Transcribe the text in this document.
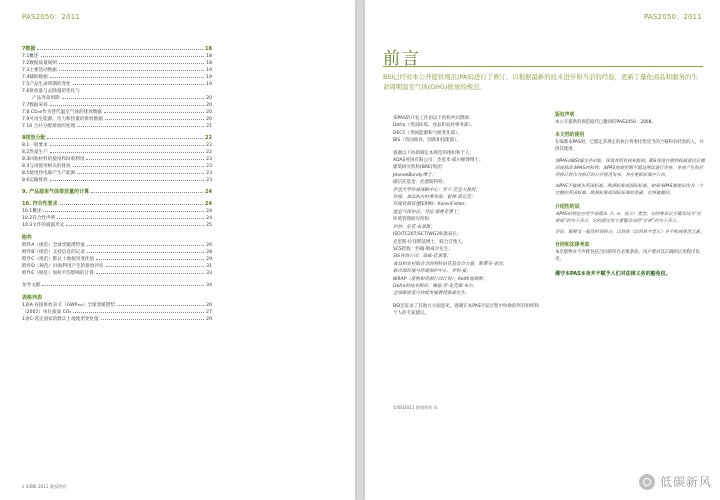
PAS2050：2011
7数据	18
7.1概述	18
7.2数据质量规则	18
7.3主要活动数据	19
7.4辅助数据	19
7.5产品生命周期的变化	19
7.6排放量与去除量的变化与
产品寿命周期	20
7.7数据采样	20
7.8 CO₂e作为替代温室气体的排放数据	20
7.9可再生能源、电力和热量的排放数据	20
7.10 合并分配排放的处理	21
8排放分配	22
8.1一般要求	22
8.2热量生产	22
8.3回收材料的使用和回收利用	23
8.4与再使用相关的排放	23
8.5使用热电联产生产能源	23
8.6运输排放	23
9. 产品温室气体排放量的计算	24
10. 符合性要求	24
10.1概述	24
10.2符合性声明	24
10.3文件的披露形式	25
附件
附件A（规范）全球变暖潜势值	26
附件B（规范）支持信息的记录	28
附件C（规范）默认土地使用变化值	29
附件D（规范）回收利用产生的排放评估	31
附件E（规范）加权平均影响的计算	33
参考文献	34
表格列表
1表A-直接排放表 C（GWP₁₀₀）全球变暖潜势	26
（2007）单位质量 CO₂	27
1表C-选定国家的默认土地使用变化值	29
ii ©BSI 2011 版权所有
PAS2050：2011
前言
BSI已经对本公开提供规范(PAS)进行了修订，以根据最新的技术进步和当前的经验，更新了量化商品和服务的生命周期温室气体(GHG)排放的规范。

该PAS的开发工作由以下机构共同赞助：

Defra（英国环境、食品和农村事务部）、

DECC（英国能源和气候变化部）、

BIS（英国商业、创新和技能部）。

感谢以下协助制定本规范的组织和个人：

ADAS英国有限公司：杰里米·威尔顿博博士；

建筑研究机构(BRE)集团：

JeanneBundy博士；

碳信托基金：托德斯科特；

萨里大学环境战略中心：罗兰·克里夫教授；

环境、食品和农村事务部：霍林·诺瓦克；

环境资源管理(ERM)：KarenFisher；

温室气体协议：劳拉·德鲁克博士；

环境管理研究所和

评估：尼克·布莱斯；

ISO/TC207/SC7/WG2标准局长；

克里斯·拉登斯基博士，联合召集人；

SCS控股：约翰·斯威尔先生；

SIS咨询公司：高峰·克莱蒙；

食品和农村联合会的利特伯克基金会力量，斯蒂芬·奎因；

联合国环境与环境保护中心、罗科·豪；

WRAP（废物和资源行动计划）；Keith詹姆斯；

Defra的技术顾问：琳恩·罗·麦克康·布尔，

全球碳密度可持续发展教授詹森先生。

BSI还征求了其他方方面意见。感谢在本PAS开发过程中协助的所有组织和个人的专家建议。

版权声明

本公开提供的规范取代已撤回的PAS2050：2008。

本文档的使用

在编制本PAS时，已假定其规定的执行将委托给适当的合格和有经验的人，并供其使用。

该PAS由BSI编写并出版，保留其所有权和版权。BSI保留在收到权威建议后撤回或修改本PAS的权利。本PAS的使用期不超过两年进行审查，审查产生的任何修订将作为修订的公开规范发布，并在更新标准中公布。

本PAS不被视为英国标准。欧洲标准或国际标准。如果本PAS被提出作为一个完整的英国标准、欧洲标准或国际标准的基础，它将被撤回。

介绍性的说

本PAS的规定应用字母提出（i、e，直立）类型。它的要求以主键动词为“应该成”的句子表示，它的建议用主要键动词用“应该”的句子表示。

评论、解释及一般资料资料分，以斜体（以斜体字显示）并不构成规范元素。

合同和法律考虑

本出版物并不声称包括合同的所有必要条款。用户要对其正确的应用程序负责。

遵守本PAS本身并不赋予人们对法律义务的豁免权。
©BSI2011 版权所有 iii
低碳新风
